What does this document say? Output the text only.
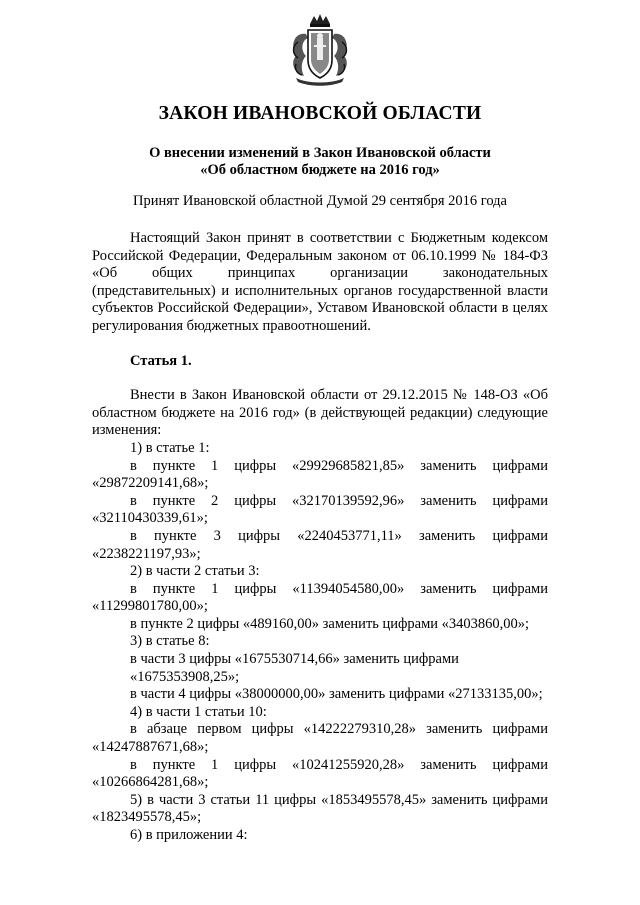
ЗАКОН ИВАНОВСКОЙ ОБЛАСТИ
О внесении изменений в Закон Ивановской области
«Об областном бюджете на 2016 год»
Принят Ивановской областной Думой 29 сентября 2016 года

Настоящий Закон принят в соответствии с Бюджетным кодексом Российской Федерации, Федеральным законом от 06.10.1999 № 184-ФЗ «Об общих принципах организации законодательных (представительных) и исполнительных органов государственной власти субъектов Российской Федерации», Уставом Ивановской области в целях регулирования бюджетных правоотношений.

Статья 1.

Внести в Закон Ивановской области от 29.12.2015 № 148-ОЗ «Об областном бюджете на 2016 год» (в действующей редакции) следующие изменения:

1) в статье 1:

в пункте 1 цифры «29929685821,85» заменить цифрами

«29872209141,68»;

в пункте 2 цифры «32170139592,96» заменить цифрами

«32110430339,61»;

в пункте 3 цифры «2240453771,11» заменить цифрами

«2238221197,93»;

2) в части 2 статьи 3:

в пункте 1 цифры «11394054580,00» заменить цифрами

«11299801780,00»;

в пункте 2 цифры «489160,00» заменить цифрами «3403860,00»;

3) в статье 8:

в части 3 цифры «1675530714,66» заменить цифрами «1675353908,25»;

в части 4 цифры «38000000,00» заменить цифрами «27133135,00»;

4) в части 1 статьи 10:

в абзаце первом цифры «14222279310,28» заменить цифрами

«14247887671,68»;

в пункте 1 цифры «10241255920,28» заменить цифрами

«10266864281,68»;

5) в части 3 статьи 11 цифры «1853495578,45» заменить цифрами

«1823495578,45»;

6) в приложении 4:
